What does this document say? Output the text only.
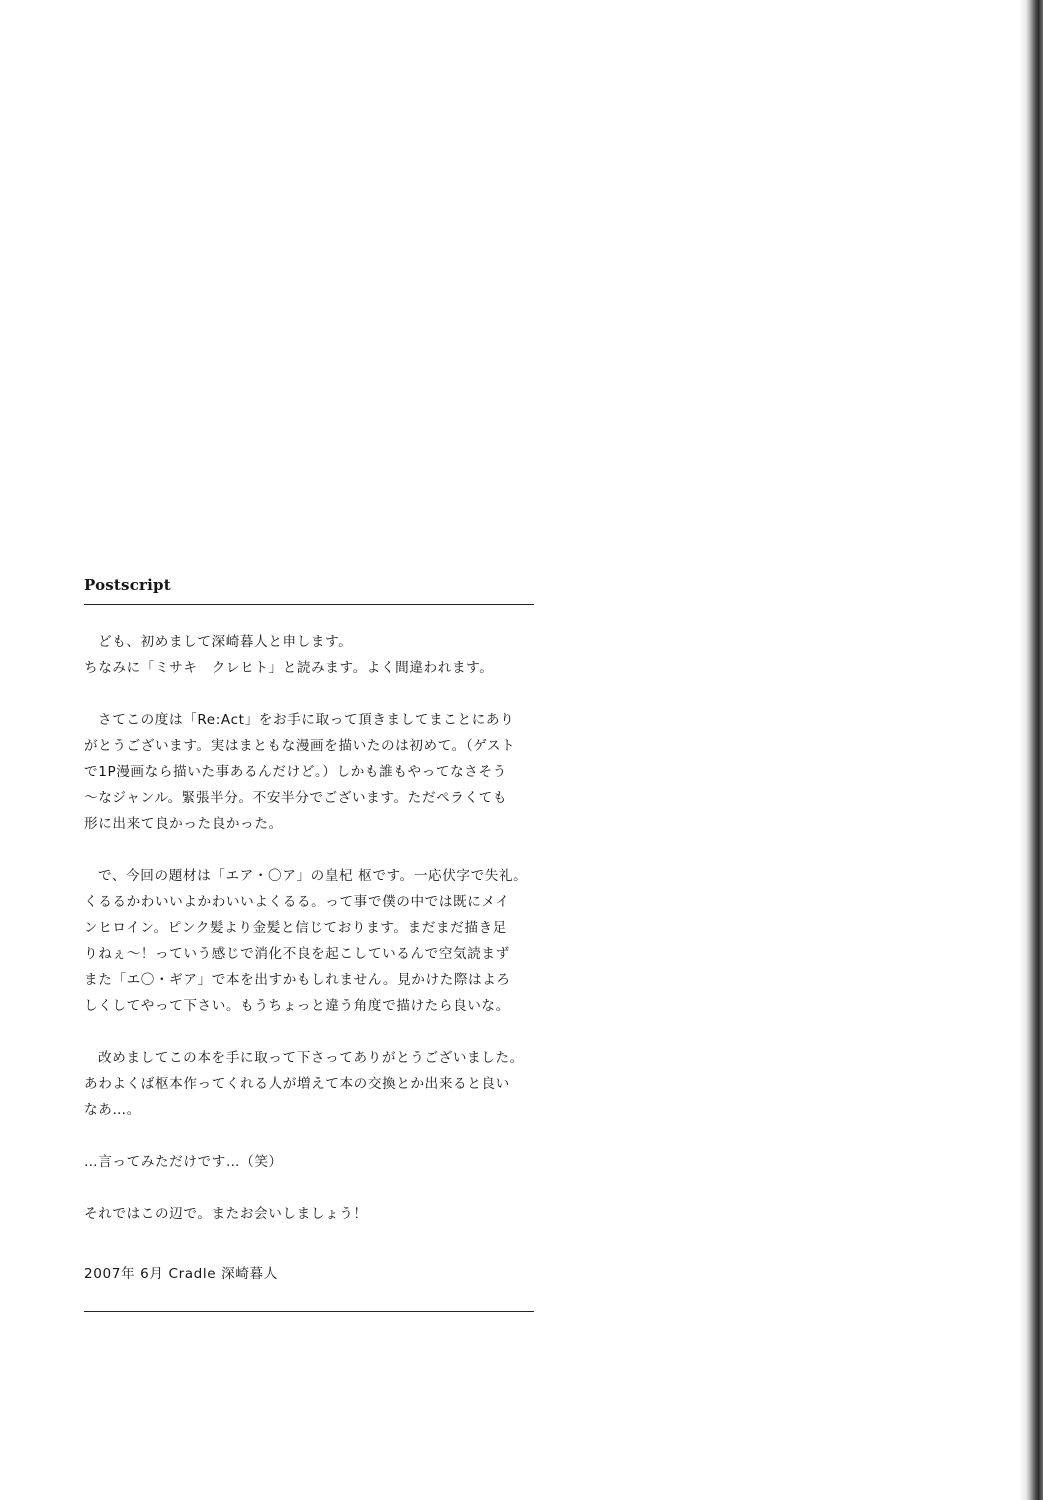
Postscript
ども、初めまして深崎暮人と申します。
ちなみに「ミサキ　クレヒト」と読みます。よく間違われます。
さてこの度は「Re:Act」をお手に取って頂きましてまことにあり
がとうございます。実はまともな漫画を描いたのは初めて。（ゲスト
で1P漫画なら描いた事あるんだけど。）しかも誰もやってなさそう
～なジャンル。緊張半分。不安半分でございます。ただペラくても
形に出来て良かった良かった。
で、今回の題材は「エア・〇ア」の皇杞 枢です。一応伏字で失礼。
くるるかわいいよかわいいよくるる。って事で僕の中では既にメイ
ンヒロイン。ピンク髪より金髪と信じております。まだまだ描き足
りねぇ～！っていう感じで消化不良を起こしているんで空気読まず
また「エ〇・ギア」で本を出すかもしれません。見かけた際はよろ
しくしてやって下さい。もうちょっと違う角度で描けたら良いな。
改めましてこの本を手に取って下さってありがとうございました。
あわよくば枢本作ってくれる人が増えて本の交換とか出来ると良い
なあ…。
…言ってみただけです…（笑）
それではこの辺で。またお会いしましょう！
2007年 6月 Cradle 深崎暮人
